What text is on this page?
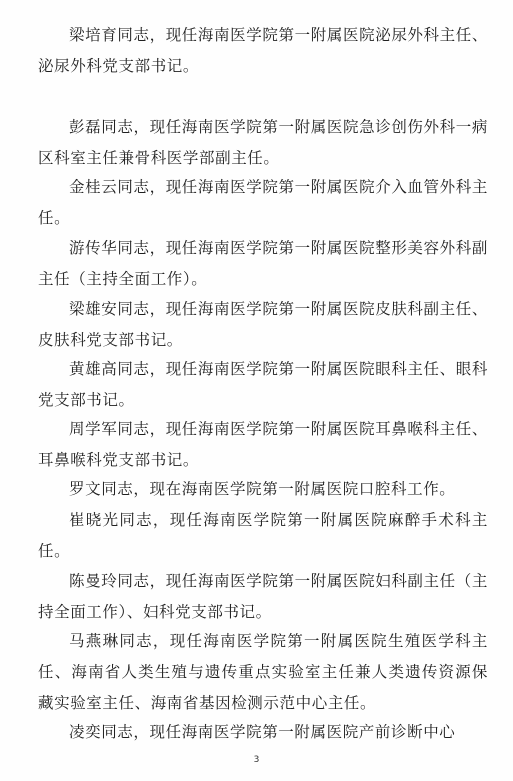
梁培育同志，现任海南医学院第一附属医院泌尿外科主任、泌尿外科党支部书记。

彭磊同志，现任海南医学院第一附属医院急诊创伤外科一病区科室主任兼骨科医学部副主任。

金桂云同志，现任海南医学院第一附属医院介入血管外科主任。

游传华同志，现任海南医学院第一附属医院整形美容外科副主任（主持全面工作）。

梁雄安同志，现任海南医学院第一附属医院皮肤科副主任、皮肤科党支部书记。

黄雄高同志，现任海南医学院第一附属医院眼科主任、眼科党支部书记。

周学军同志，现任海南医学院第一附属医院耳鼻喉科主任、耳鼻喉科党支部书记。

罗文同志，现在海南医学院第一附属医院口腔科工作。

崔晓光同志，现任海南医学院第一附属医院麻醉手术科主任。

陈曼玲同志，现任海南医学院第一附属医院妇科副主任（主持全面工作）、妇科党支部书记。

马燕琳同志，现任海南医学院第一附属医院生殖医学科主任、海南省人类生殖与遗传重点实验室主任兼人类遗传资源保藏实验室主任、海南省基因检测示范中心主任。

凌奕同志，现任海南医学院第一附属医院产前诊断中心

3
